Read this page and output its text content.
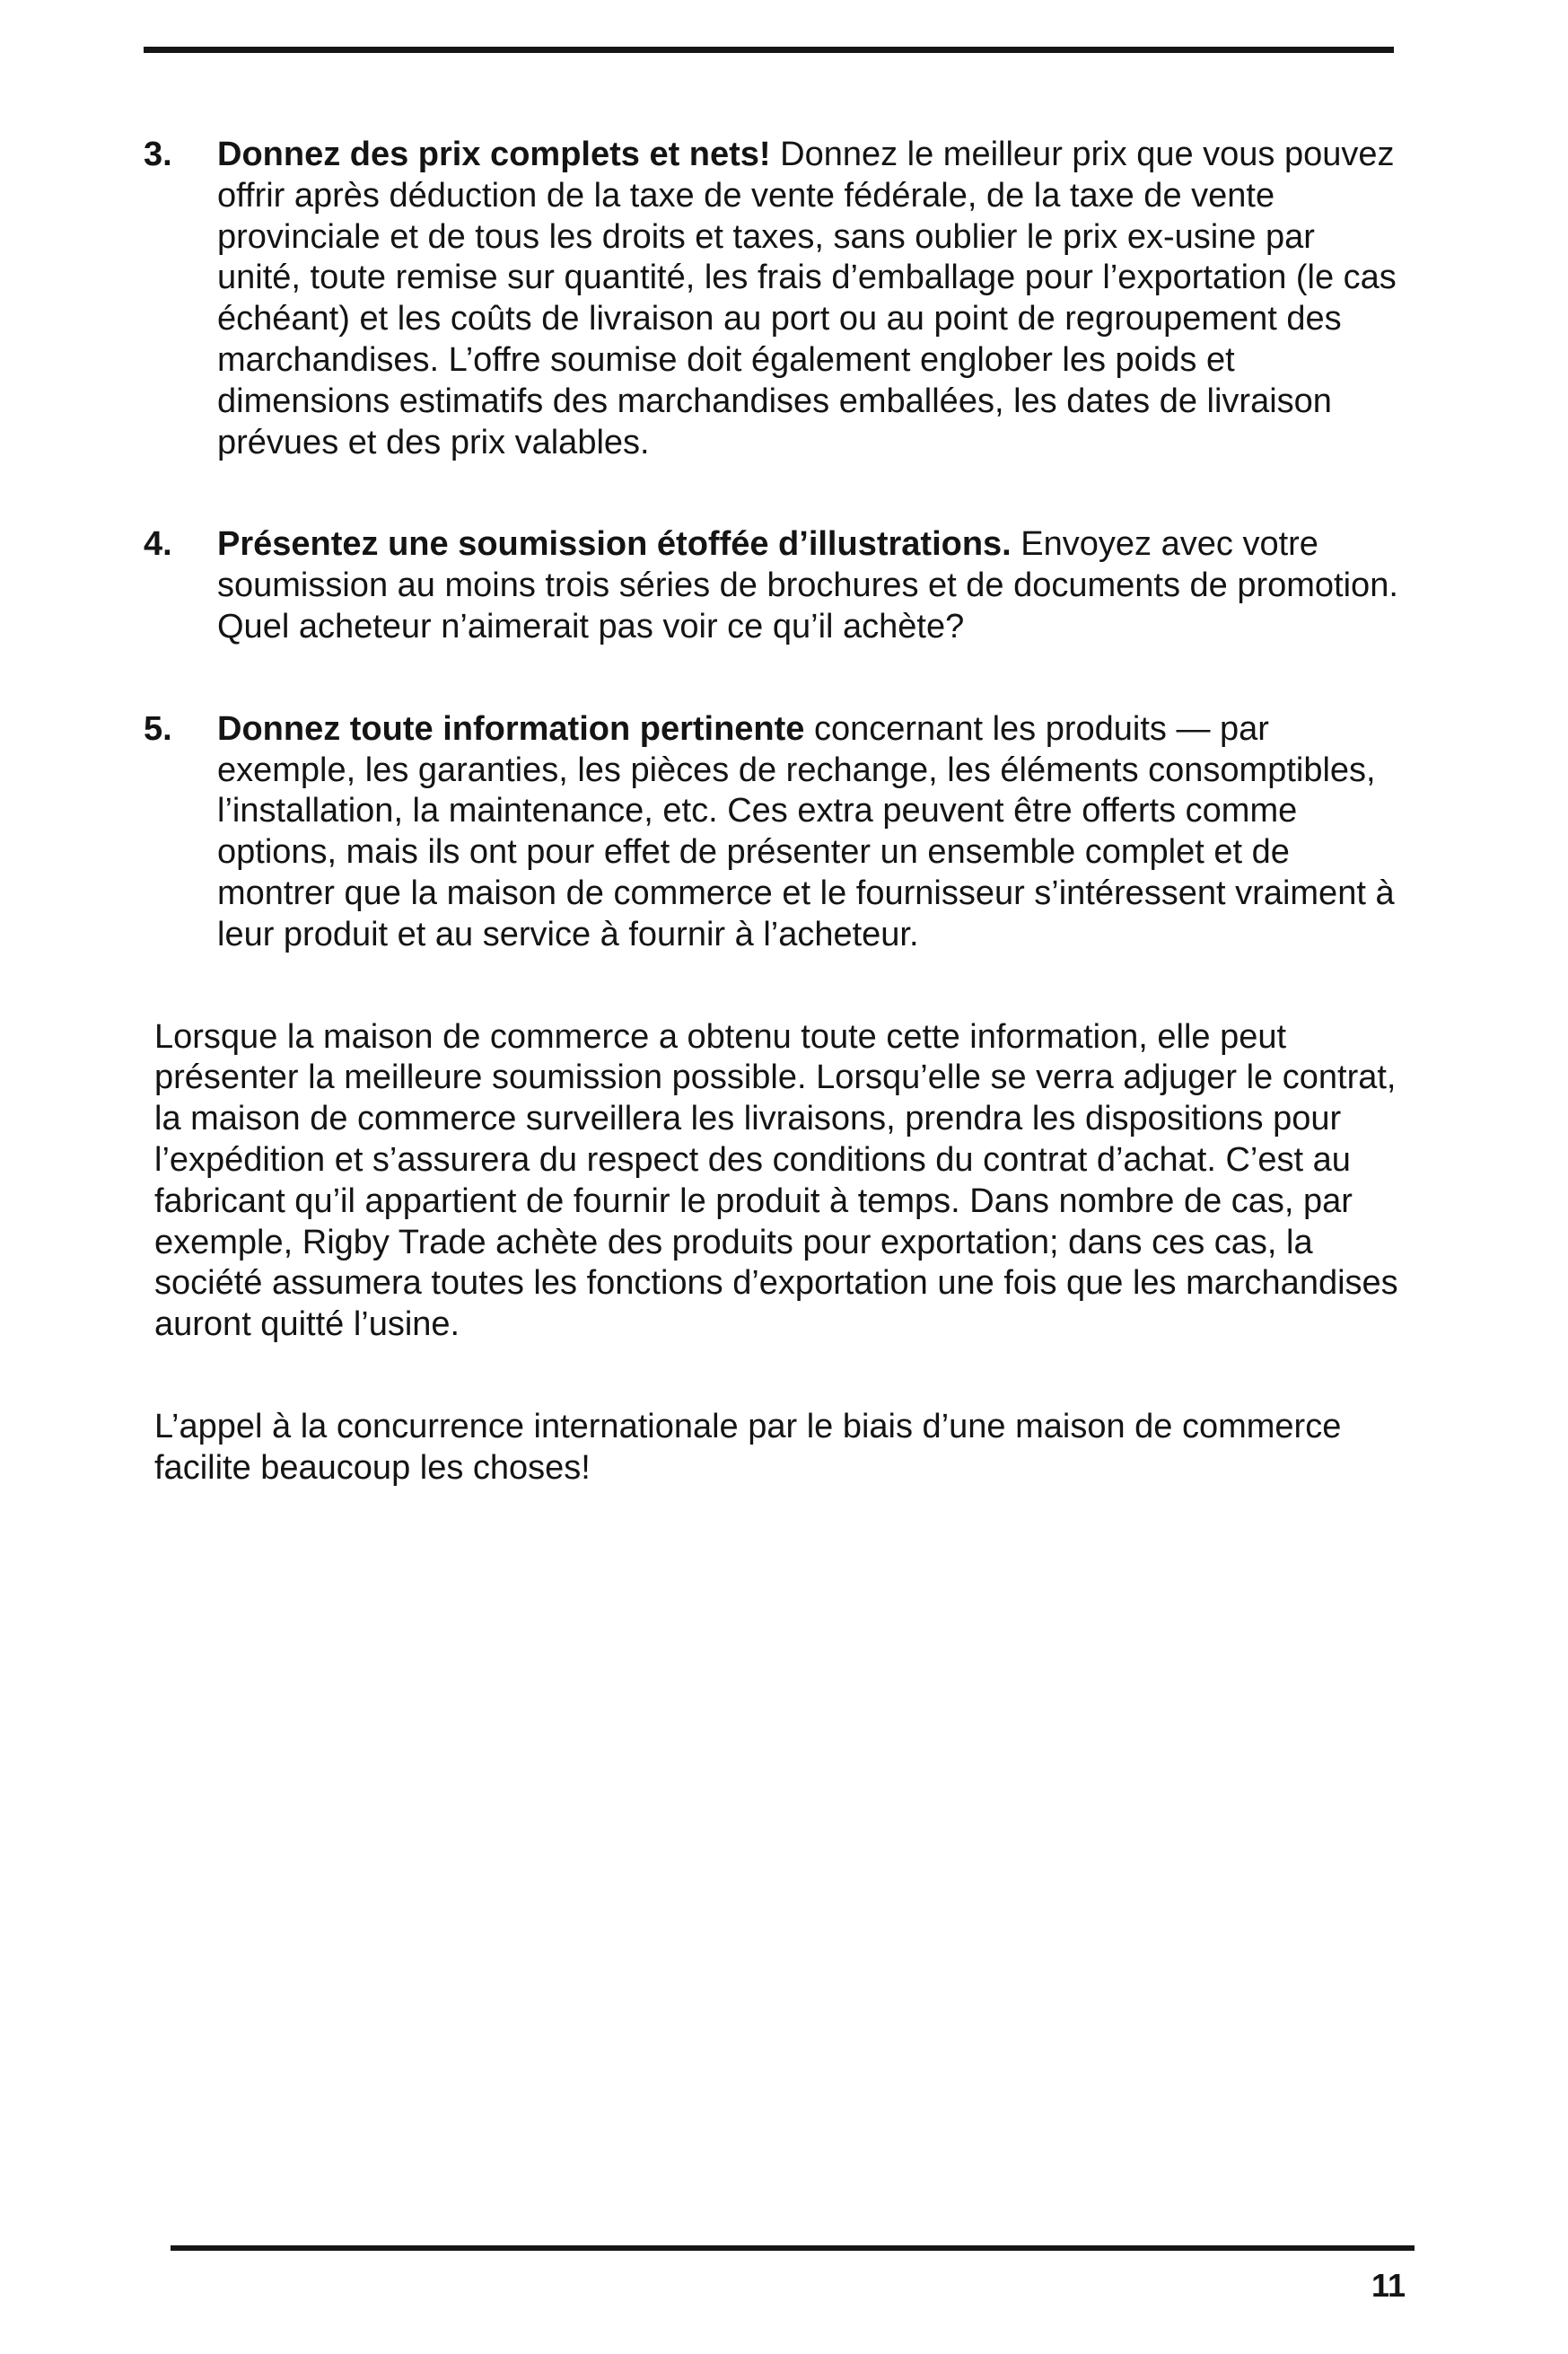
3. Donnez des prix complets et nets! Donnez le meilleur prix que vous pouvez offrir après déduction de la taxe de vente fédérale, de la taxe de vente provinciale et de tous les droits et taxes, sans oublier le prix ex-usine par unité, toute remise sur quantité, les frais d’emballage pour l’exportation (le cas échéant) et les coûts de livraison au port ou au point de regroupement des marchandises. L’offre soumise doit également englober les poids et dimensions estimatifs des marchandises emballées, les dates de livraison prévues et des prix valables.
4. Présentez une soumission étoffée d’illustrations. Envoyez avec votre soumission au moins trois séries de brochures et de documents de promotion. Quel acheteur n’aimerait pas voir ce qu’il achète?
5. Donnez toute information pertinente concernant les produits — par exemple, les garanties, les pièces de rechange, les éléments consomptibles, l’installation, la maintenance, etc. Ces extra peuvent être offerts comme options, mais ils ont pour effet de présenter un ensemble complet et de montrer que la maison de commerce et le fournisseur s’intéressent vraiment à leur produit et au service à fournir à l’acheteur.

Lorsque la maison de commerce a obtenu toute cette information, elle peut présenter la meilleure soumission possible. Lorsqu’elle se verra adjuger le contrat, la maison de commerce surveillera les livraisons, prendra les dispositions pour l’expédition et s’assurera du respect des conditions du contrat d’achat. C’est au fabricant qu’il appartient de fournir le produit à temps. Dans nombre de cas, par exemple, Rigby Trade achète des produits pour exportation; dans ces cas, la société assumera toutes les fonctions d’exportation une fois que les marchandises auront quitté l’usine.

L’appel à la concurrence internationale par le biais d’une maison de commerce facilite beaucoup les choses!

11
